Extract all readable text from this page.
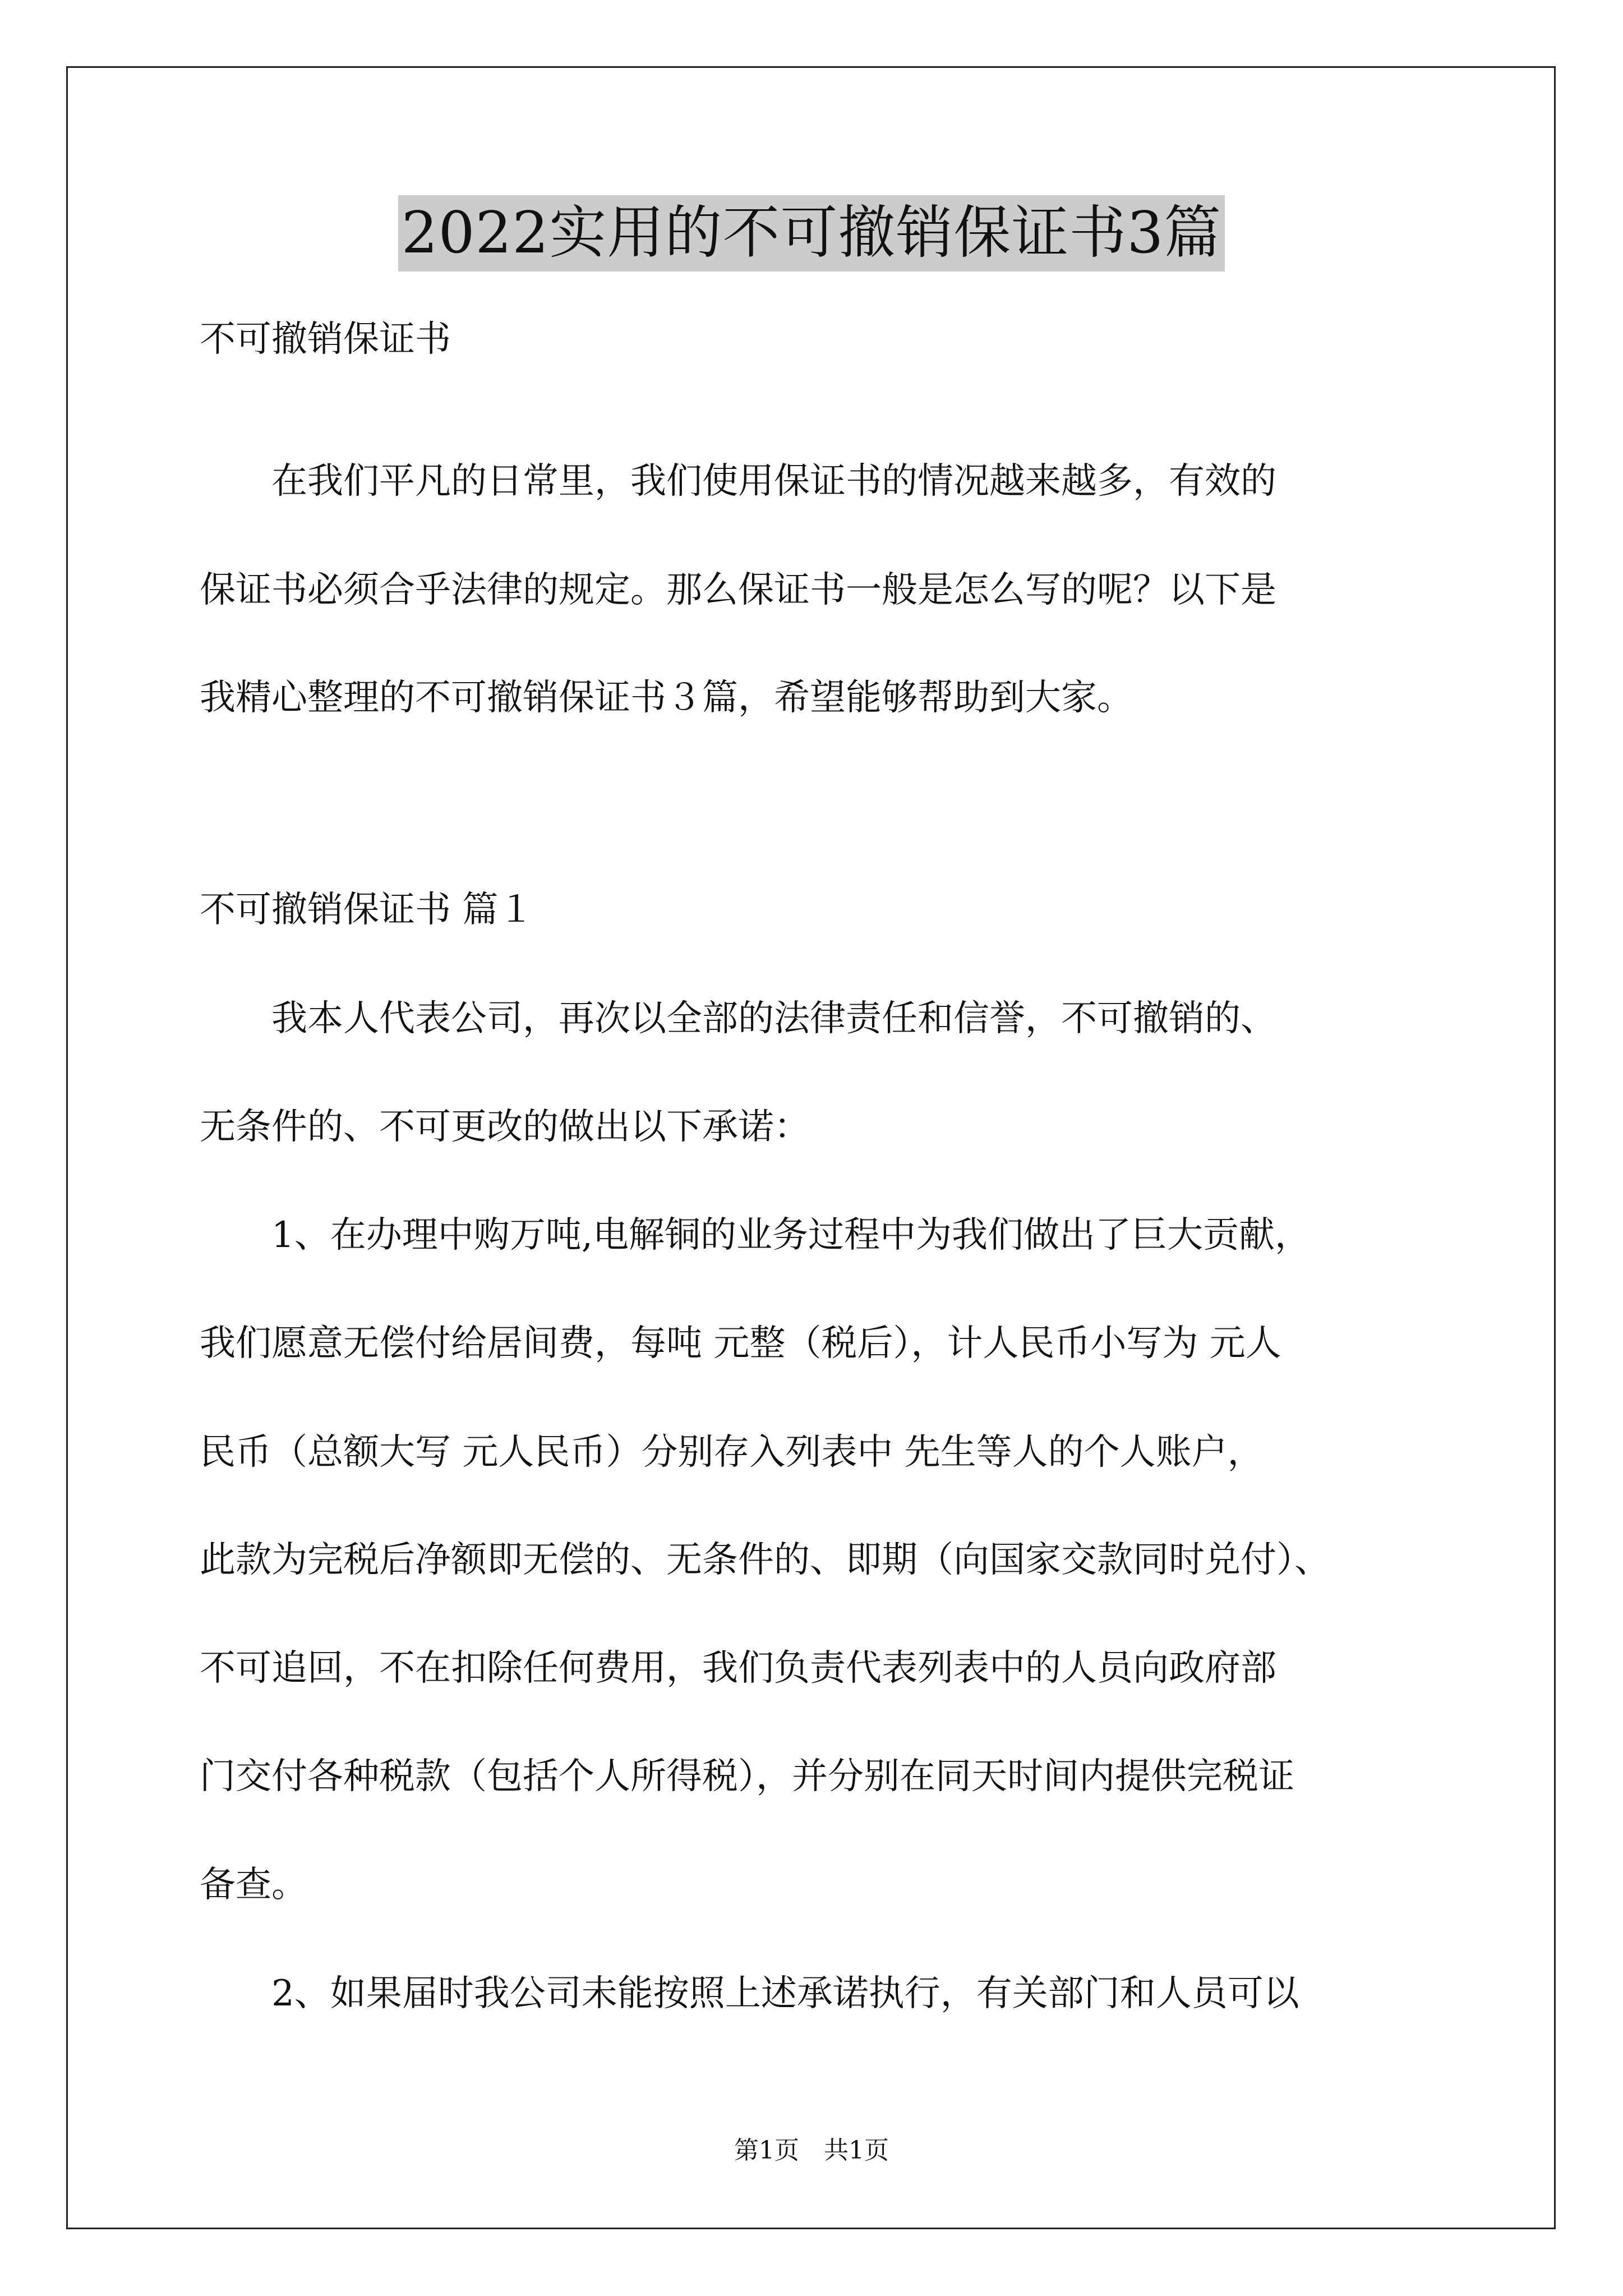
2022实用的不可撤销保证书3篇
不可撤销保证书
　　在我们平凡的日常里，我们使用保证书的情况越来越多，有效的
保证书必须合乎法律的规定。那么保证书一般是怎么写的呢？以下是
我精心整理的不可撤销保证书３篇，希望能够帮助到大家。
不可撤销保证书 篇１
　　我本人代表公司，再次以全部的法律责任和信誉，不可撤销的、
无条件的、不可更改的做出以下承诺：
　　1、在办理中购万吨,电解铜的业务过程中为我们做出了巨大贡献，
我们愿意无偿付给居间费，每吨 元整（税后），计人民币小写为 元人
民币（总额大写 元人民币）分别存入列表中 先生等人的个人账户，
此款为完税后净额即无偿的、无条件的、即期（向国家交款同时兑付）、
不可追回，不在扣除任何费用，我们负责代表列表中的人员向政府部
门交付各种税款（包括个人所得税），并分别在同天时间内提供完税证
备查。
　　2、如果届时我公司未能按照上述承诺执行，有关部门和人员可以
第1页　共1页
